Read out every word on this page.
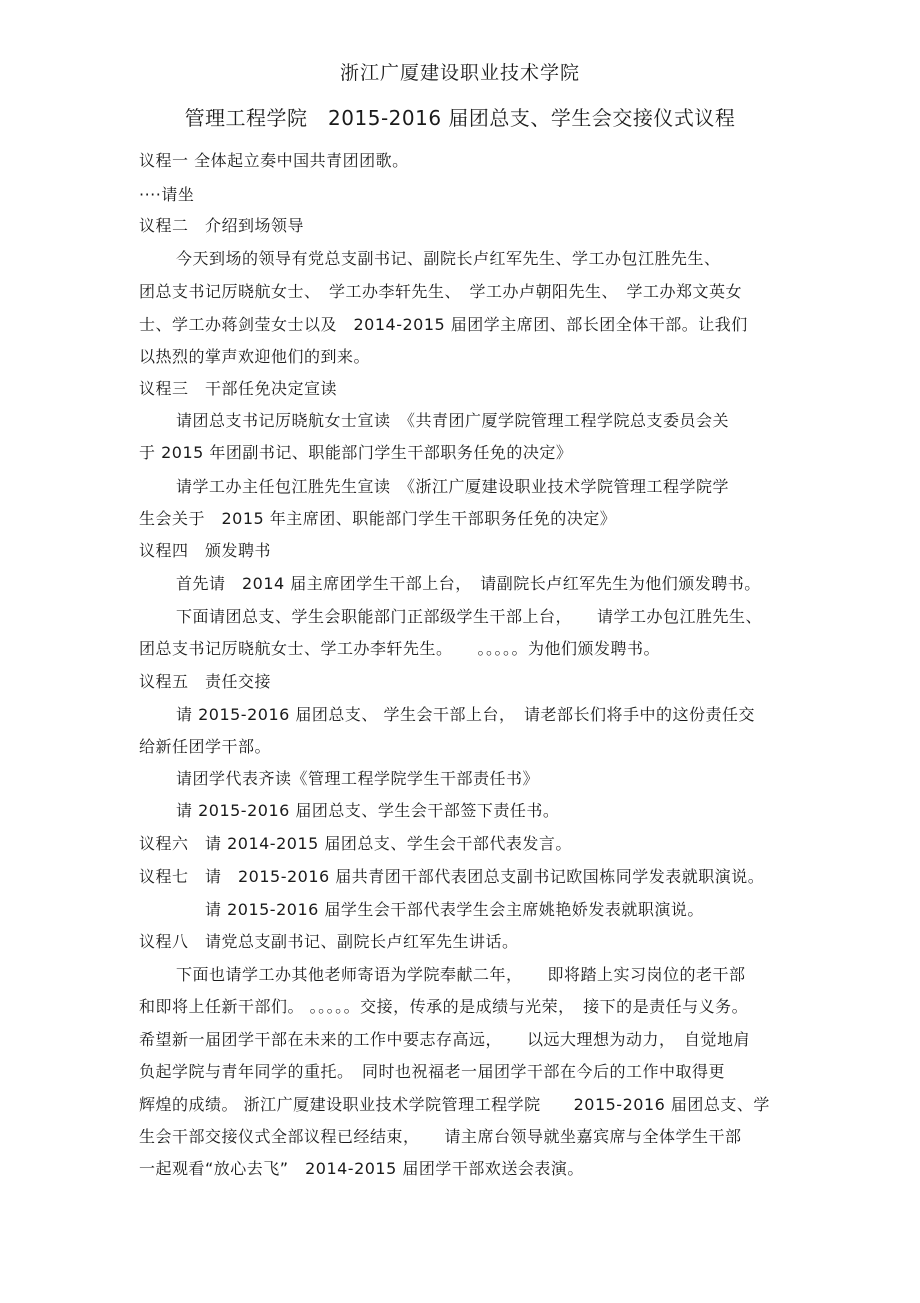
浙江广厦建设职业技术学院
管理工程学院　2015-2016 届团总支、学生会交接仪式议程
议程一 全体起立奏中国共青团团歌。
····请坐
议程二　介绍到场领导
今天到场的领导有党总支副书记、副院长卢红军先生、学工办包江胜先生、
团总支书记厉晓航女士、　学工办李轩先生、　学工办卢朝阳先生、　学工办郑文英女
士、学工办蒋剑莹女士以及　2014-2015 届团学主席团、部长团全体干部。让我们
以热烈的掌声欢迎他们的到来。
议程三　干部任免决定宣读
请团总支书记厉晓航女士宣读　《共青团广厦学院管理工程学院总支委员会关
于 2015 年团副书记、职能部门学生干部职务任免的决定》
请学工办主任包江胜先生宣读　《浙江广厦建设职业技术学院管理工程学院学
生会关于　2015 年主席团、职能部门学生干部职务任免的决定》
议程四　颁发聘书
首先请　2014 届主席团学生干部上台，　请副院长卢红军先生为他们颁发聘书。
下面请团总支、学生会职能部门正部级学生干部上台，　　请学工办包江胜先生、
团总支书记厉晓航女士、学工办李轩先生。　　。。。。。为他们颁发聘书。
议程五　责任交接
请 2015-2016 届团总支、 学生会干部上台，　请老部长们将手中的这份责任交
给新任团学干部。
请团学代表齐读《管理工程学院学生干部责任书》
请 2015-2016 届团总支、学生会干部签下责任书。
议程六　请 2014-2015 届团总支、学生会干部代表发言。
议程七　请　2015-2016 届共青团干部代表团总支副书记欧国栋同学发表就职演说。
请 2015-2016 届学生会干部代表学生会主席姚艳娇发表就职演说。
议程八　请党总支副书记、副院长卢红军先生讲话。
下面也请学工办其他老师寄语为学院奉献二年，　　即将踏上实习岗位的老干部
和即将上任新干部们。 。。。。。交接，传承的是成绩与光荣，　接下的是责任与义务。
希望新一届团学干部在未来的工作中要志存高远，　　以远大理想为动力，　自觉地肩
负起学院与青年同学的重托。　同时也祝福老一届团学干部在今后的工作中取得更
辉煌的成绩。 浙江广厦建设职业技术学院管理工程学院　　2015-2016 届团总支、学
生会干部交接仪式全部议程已经结束，　　请主席台领导就坐嘉宾席与全体学生干部
一起观看“放心去飞”　2014-2015 届团学干部欢送会表演。
